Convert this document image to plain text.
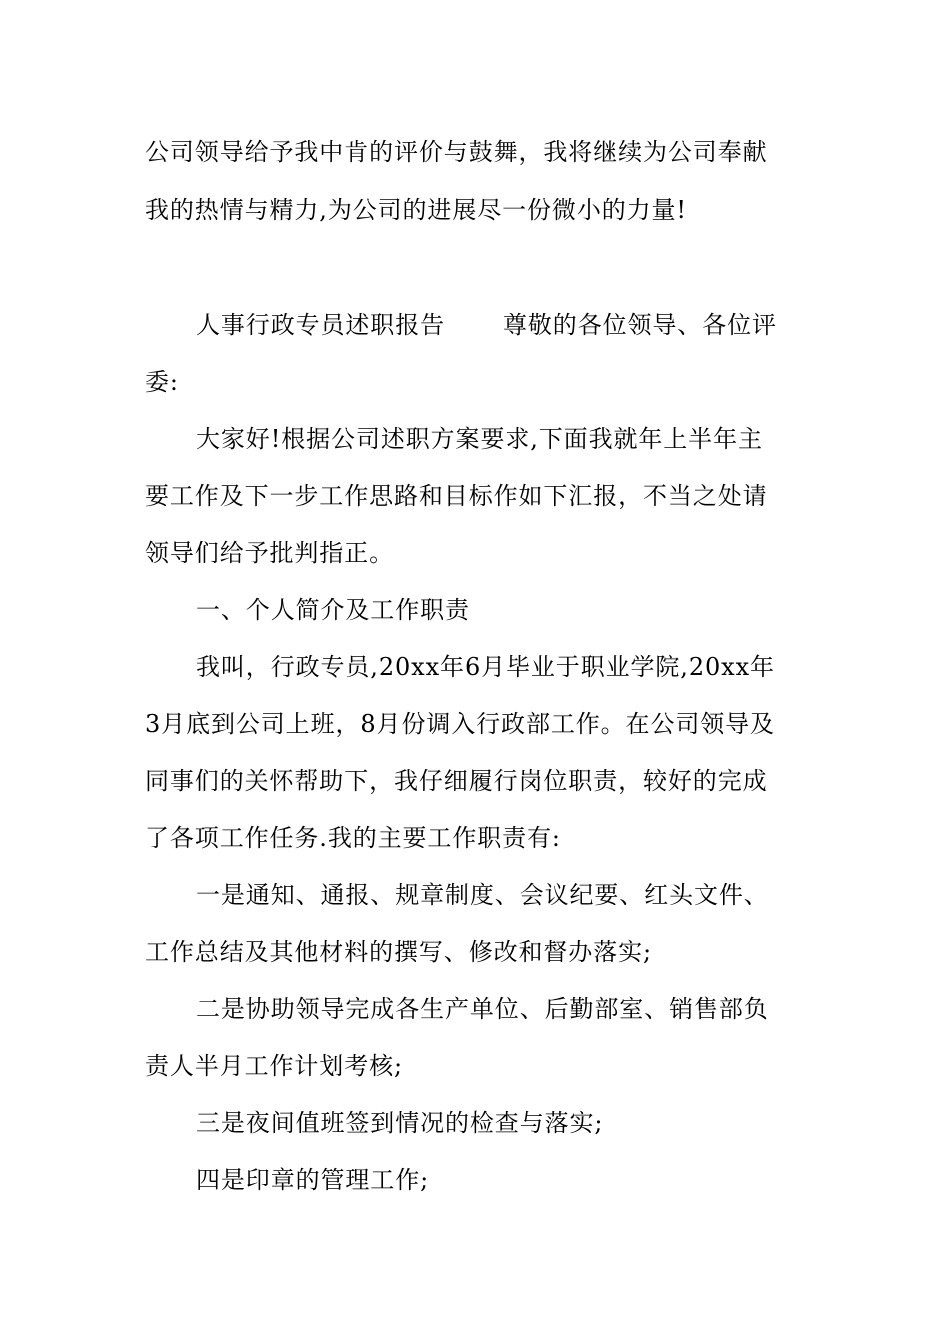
公司领导给予我中肯的评价与鼓舞，我将继续为公司奉献
我的热情与精力,为公司的进展尽一份微小的力量!
人事行政专员述职报告 尊敬的各位领导、各位评
委:
大家好!根据公司述职方案要求,下面我就年上半年主
要工作及下一步工作思路和目标作如下汇报，不当之处请
领导们给予批判指正。
一、个人简介及工作职责
我叫，行政专员,20xx年6月毕业于职业学院,20xx年
3月底到公司上班，8月份调入行政部工作。在公司领导及
同事们的关怀帮助下，我仔细履行岗位职责，较好的完成
了各项工作任务.我的主要工作职责有:
一是通知、通报、规章制度、会议纪要、红头文件、
工作总结及其他材料的撰写、修改和督办落实;
二是协助领导完成各生产单位、后勤部室、销售部负
责人半月工作计划考核;
三是夜间值班签到情况的检查与落实;
四是印章的管理工作;
